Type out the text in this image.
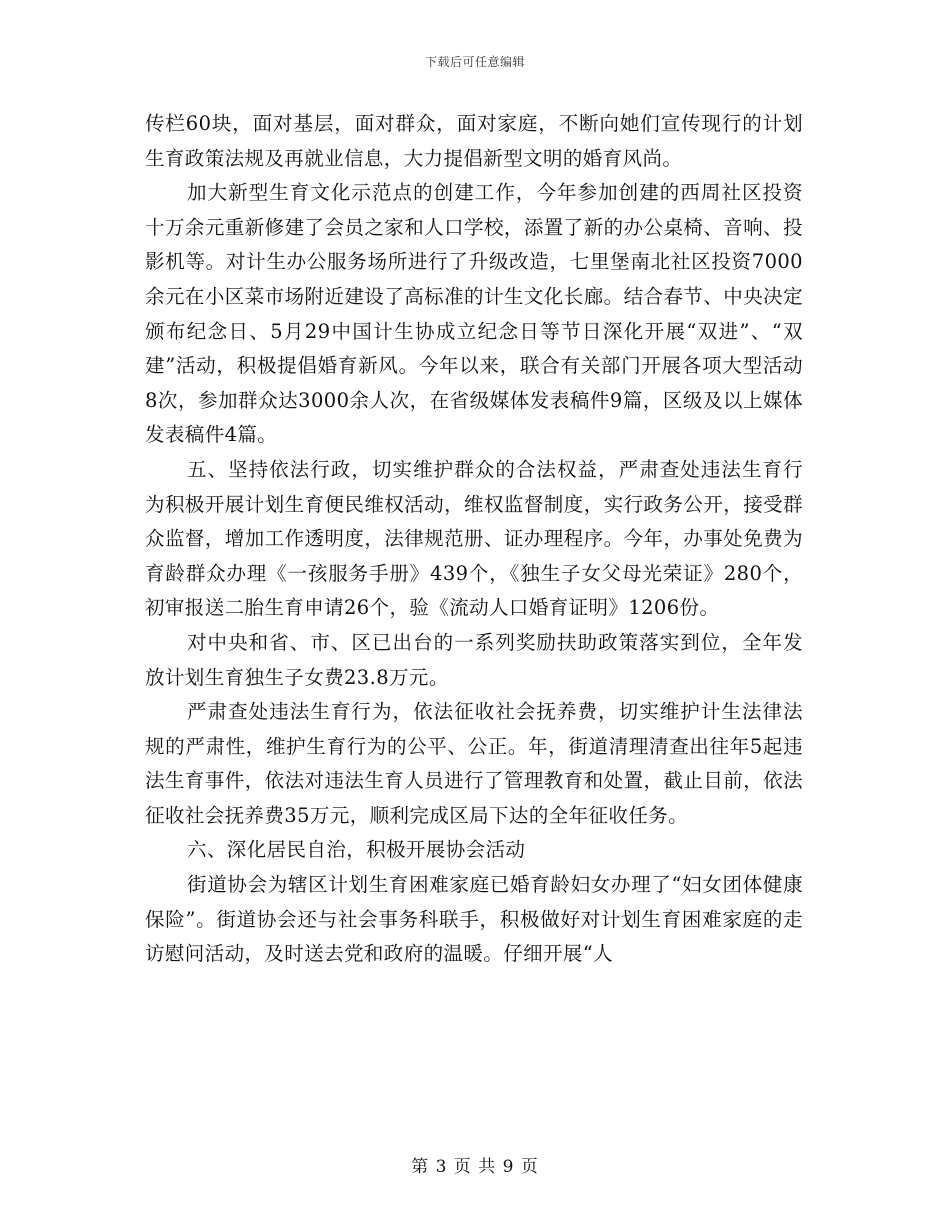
下载后可任意编辑

传栏60块，面对基层，面对群众，面对家庭，不断向她们宣传现行的计划生育政策法规及再就业信息，大力提倡新型文明的婚育风尚。

加大新型生育文化示范点的创建工作，今年参加创建的西周社区投资十万余元重新修建了会员之家和人口学校，添置了新的办公桌椅、音响、投影机等。对计生办公服务场所进行了升级改造，七里堡南北社区投资7000余元在小区菜市场附近建设了高标准的计生文化长廊。结合春节、中央决定颁布纪念日、5月29中国计生协成立纪念日等节日深化开展“双进”、“双建”活动，积极提倡婚育新风。今年以来，联合有关部门开展各项大型活动8次，参加群众达3000余人次，在省级媒体发表稿件9篇，区级及以上媒体发表稿件4篇。

五、坚持依法行政，切实维护群众的合法权益，严肃查处违法生育行为积极开展计划生育便民维权活动，维权监督制度，实行政务公开，接受群众监督，增加工作透明度，法律规范册、证办理程序。今年，办事处免费为育龄群众办理《一孩服务手册》439个，《独生子女父母光荣证》280个，初审报送二胎生育申请26个，验《流动人口婚育证明》1206份。

对中央和省、市、区已出台的一系列奖励扶助政策落实到位，全年发放计划生育独生子女费23.8万元。

严肃查处违法生育行为，依法征收社会抚养费，切实维护计生法律法规的严肃性，维护生育行为的公平、公正。年，街道清理清查出往年5起违法生育事件，依法对违法生育人员进行了管理教育和处置，截止目前，依法征收社会抚养费35万元，顺利完成区局下达的全年征收任务。

六、深化居民自治，积极开展协会活动

街道协会为辖区计划生育困难家庭已婚育龄妇女办理了“妇女团体健康保险”。街道协会还与社会事务科联手，积极做好对计划生育困难家庭的走访慰问活动，及时送去党和政府的温暖。仔细开展“人

第 3 页 共 9 页
